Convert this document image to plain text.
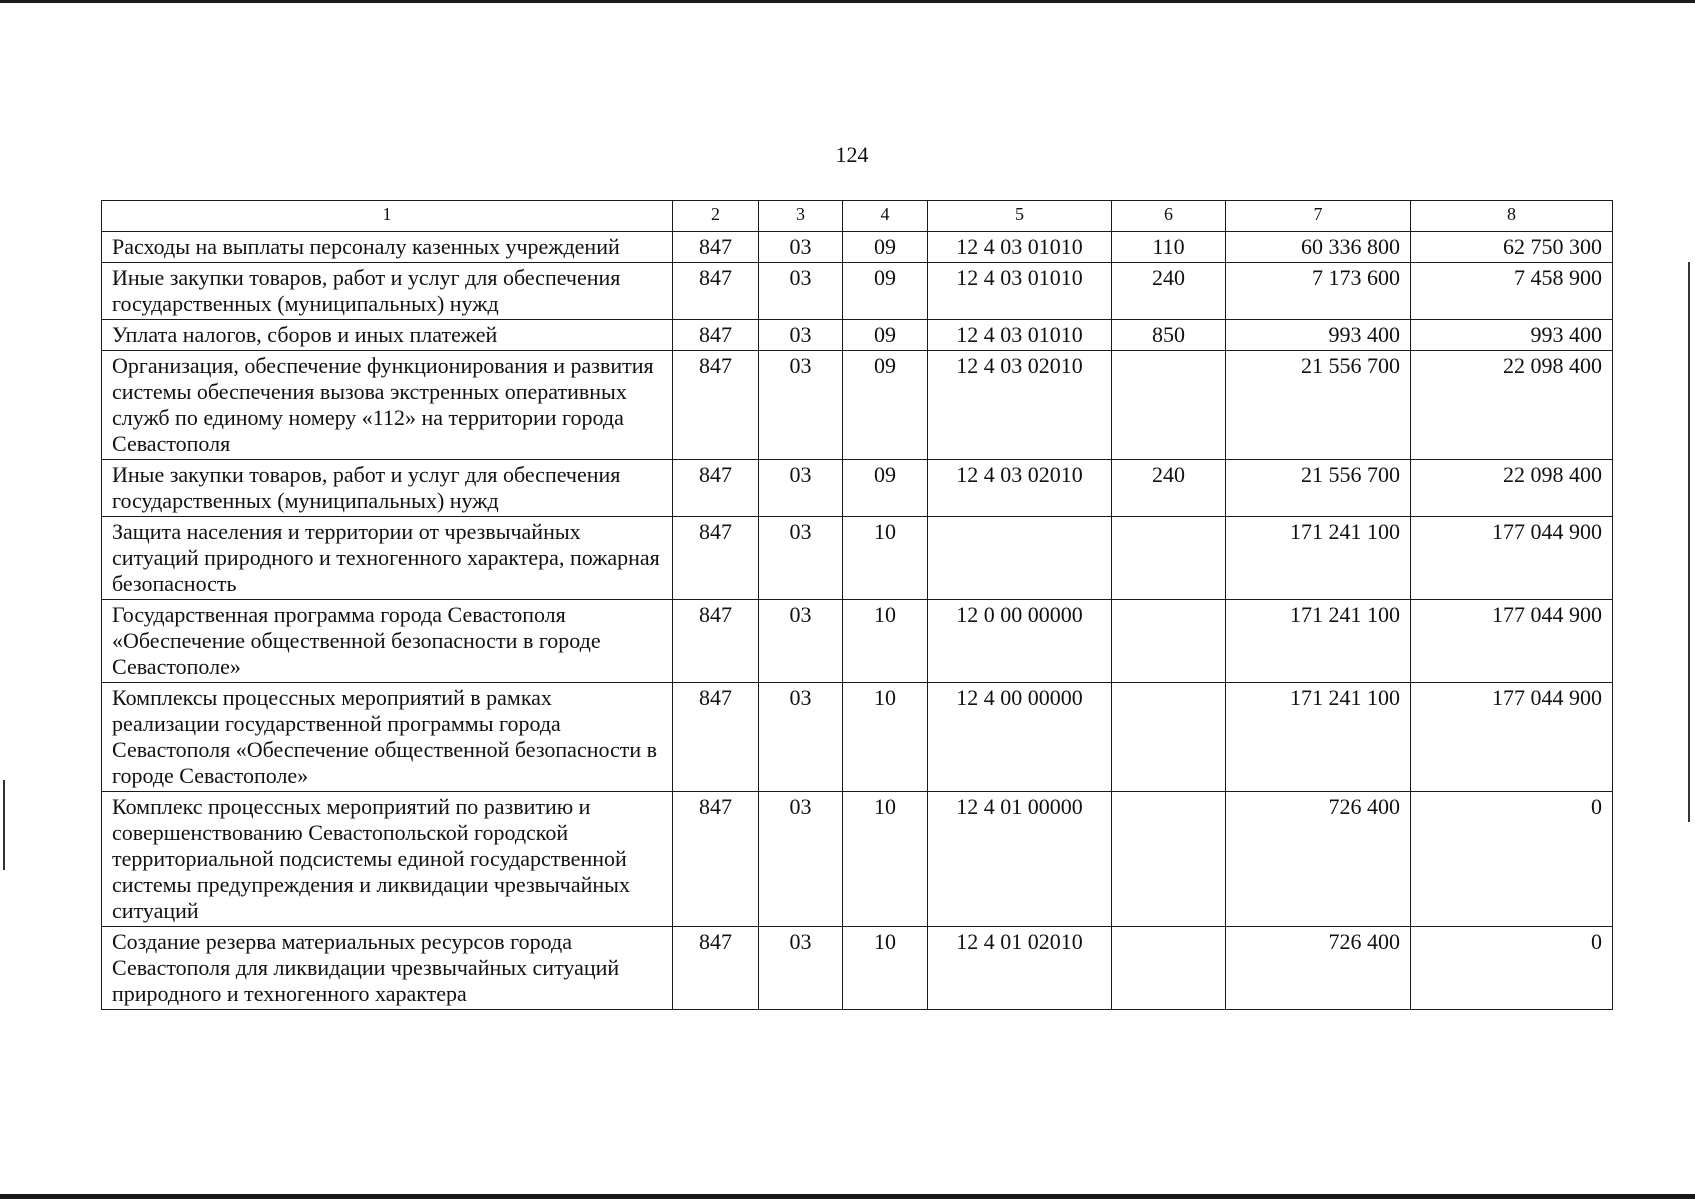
124
1	2	3	4	5	6	7	8
Расходы на выплаты персоналу казенных учреждений	847	03	09	12 4 03 01010	110	60 336 800	62 750 300
Иные закупки товаров, работ и услуг для обеспечения государственных (муниципальных) нужд	847	03	09	12 4 03 01010	240	7 173 600	7 458 900
Уплата налогов, сборов и иных платежей	847	03	09	12 4 03 01010	850	993 400	993 400
Организация, обеспечение функционирования и развития системы обеспечения вызова экстренных оперативных служб по единому номеру «112» на территории города Севастополя	847	03	09	12 4 03 02010		21 556 700	22 098 400
Иные закупки товаров, работ и услуг для обеспечения государственных (муниципальных) нужд	847	03	09	12 4 03 02010	240	21 556 700	22 098 400
Защита населения и территории от чрезвычайных ситуаций природного и техногенного характера, пожарная безопасность	847	03	10			171 241 100	177 044 900
Государственная программа города Севастополя «Обеспечение общественной безопасности в городе Севастополе»	847	03	10	12 0 00 00000		171 241 100	177 044 900
Комплексы процессных мероприятий в рамках реализации государственной программы города Севастополя «Обеспечение общественной безопасности в городе Севастополе»	847	03	10	12 4 00 00000		171 241 100	177 044 900
Комплекс процессных мероприятий по развитию и совершенствованию Севастопольской городской территориальной подсистемы единой государственной системы предупреждения и ликвидации чрезвычайных ситуаций	847	03	10	12 4 01 00000		726 400	0
Создание резерва материальных ресурсов города Севастополя для ликвидации чрезвычайных ситуаций природного и техногенного характера	847	03	10	12 4 01 02010		726 400	0
